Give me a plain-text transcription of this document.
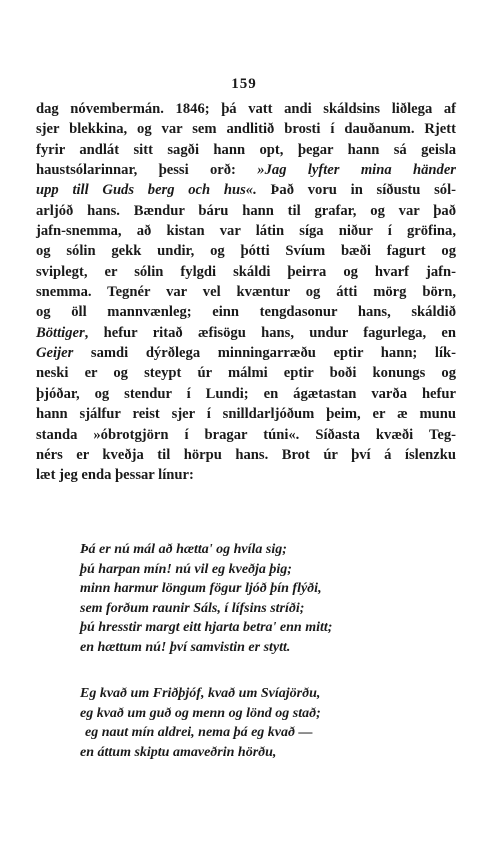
159
dag nóvembermán. 1846; þá vatt andi skáldsins liðlega af
sjer blekkina, og var sem andlitið brosti í dauðanum. Rjett
fyrir andlát sitt sagði hann opt, þegar hann sá geisla
haustsólarinnar, þessi orð: »Jag lyfter mina händer
upp till Guds berg och hus«. Það voru in síðustu sól-
arljóð hans. Bændur báru hann til grafar, og var það
jafn-snemma, að kistan var látin síga niður í gröfina,
og sólin gekk undir, og þótti Svíum bæði fagurt og
sviplegt, er sólin fylgdi skáldi þeirra og hvarf jafn-
snemma. Tegnér var vel kvæntur og átti mörg börn,
og öll mannvænleg; einn tengdasonur hans, skáldið
Böttiger, hefur ritað æfisögu hans, undur fagurlega, en
Geijer samdi dýrðlega minningarræðu eptir hann; lík-
neski er og steypt úr málmi eptir boði konungs og
þjóðar, og stendur í Lundi; en ágætastan varða hefur
hann sjálfur reist sjer í snilldarljóðum þeim, er æ munu
standa »óbrotgjörn í bragar túni«. Síðasta kvæði Teg-
nérs er kveðja til hörpu hans. Brot úr því á íslenzku
læt jeg enda þessar línur:
Þá er nú mál að hætta' og hvíla sig;
þú harpan mín! nú vil eg kveðja þig;
minn harmur löngum fögur ljóð þín flýði,
sem forðum raunir Sáls, í lífsins stríði;
þú hresstir margt eitt hjarta betra' enn mitt;
en hættum nú! því samvistin er stytt.
Eg kvað um Friðþjóf, kvað um Svíajörðu,
eg kvað um guð og menn og lönd og stað;
eg naut mín aldrei, nema þá eg kvað —
en áttum skiptu amaveðrin hörðu,
